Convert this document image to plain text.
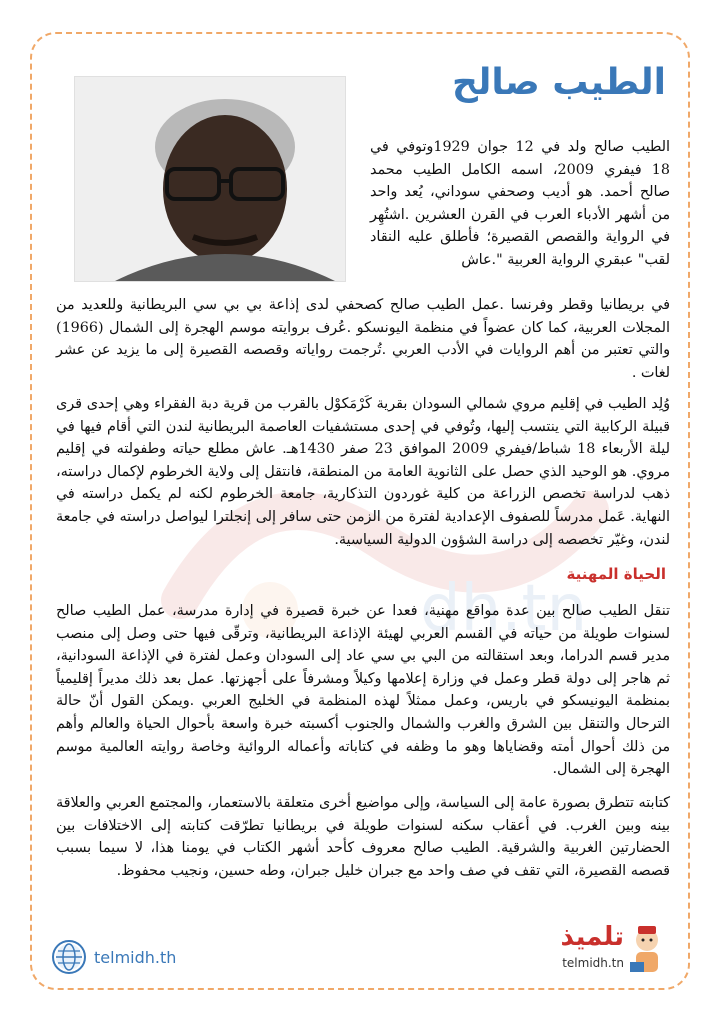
dh.tn
الطيب صالح

الطيب صالح ولد في 12 جوان 1929وتوفي في 18 فيفري 2009، اسمه الكامل الطيب محمد صالح أحمد. هو أديب وصحفي سوداني، يُعد واحد من أشهر الأدباء العرب في القرن العشرين .اشتُهِر في الرواية والقصص القصيرة؛ فأطلق عليه النقاد لقب" عبقري الرواية العربية ".عاش

في بريطانيا وقطر وفرنسا .عمل الطيب صالح كصحفي لدى إذاعة بي بي سي البريطانية وللعديد من المجلات العربية، كما كان عضواً في منظمة اليونسكو .عُرف بروايته موسم الهجرة إلى الشمال (1966) والتي تعتبر من أهم الروايات في الأدب العربي .تُرجمت رواياته وقصصه القصيرة إلى ما يزيد عن عشر لغات .

وُلِد الطيب في إقليم مروي شمالي السودان بقرية كَرْمَكوْل بالقرب من قرية دبة الفقراء وهي إحدى قرى قبيلة الركابية التي ينتسب إليها، وتُوفي في إحدى مستشفيات العاصمة البريطانية لندن التي أقام فيها في ليلة الأربعاء 18 شباط/فيفري 2009 الموافق 23 صفر 1430هـ. عاش مطلع حياته وطفولته في إقليم مروي. هو الوحيد الذي حصل على الثانوية العامة من المنطقة، فانتقل إلى ولاية الخرطوم لإكمال دراسته، ذهب لدراسة تخصص الزراعة من كلية غوردون التذكارية، جامعة الخرطوم لكنه لم يكمل دراسته في النهاية. عَمل مدرساً للصفوف الإعدادية لفترة من الزمن حتى سافر إلى إنجلترا ليواصل دراسته في جامعة لندن، وغيّر تخصصه إلى دراسة الشؤون الدولية السياسية.

الحياة المهنية

تنقل الطيب صالح بين عدة مواقع مهنية، فعدا عن خبرة قصيرة في إدارة مدرسة، عمل الطيب صالح لسنوات طويلة من حياته في القسم العربي لهيئة الإذاعة البريطانية، وترقّى فيها حتى وصل إلى منصب مدير قسم الدراما، وبعد استقالته من البي بي سي عاد إلى السودان وعمل لفترة في الإذاعة السودانية، ثم هاجر إلى دولة قطر وعمل في وزارة إعلامها وكيلاً ومشرفاً على أجهزتها. عمل بعد ذلك مديراً إقليمياً بمنظمة اليونيسكو في باريس، وعمل ممثلاً لهذه المنظمة في الخليج العربي .ويمكن القول أنّ حالة الترحال والتنقل بين الشرق والغرب والشمال والجنوب أكسبته خبرة واسعة بأحوال الحياة والعالم وأهم من ذلك أحوال أمته وقضاياها وهو ما وظفه في كتاباته وأعماله الروائية وخاصة روايته العالمية موسم الهجرة إلى الشمال.

كتابته تتطرق بصورة عامة إلى السياسة، وإلى مواضيع أخرى متعلقة بالاستعمار، والمجتمع العربي والعلاقة بينه وبين الغرب. في أعقاب سكنه لسنوات طويلة في بريطانيا تطرّقت كتابته إلى الاختلافات بين الحضارتين الغربية والشرقية. الطيب صالح معروف كأحد أشهر الكتاب في يومنا هذا، لا سيما بسبب قصصه القصيرة، التي تقف في صف واحد مع جبران خليل جبران، وطه حسين، ونجيب محفوظ.

telmidh.th
تلميذ
telmidh.tn
